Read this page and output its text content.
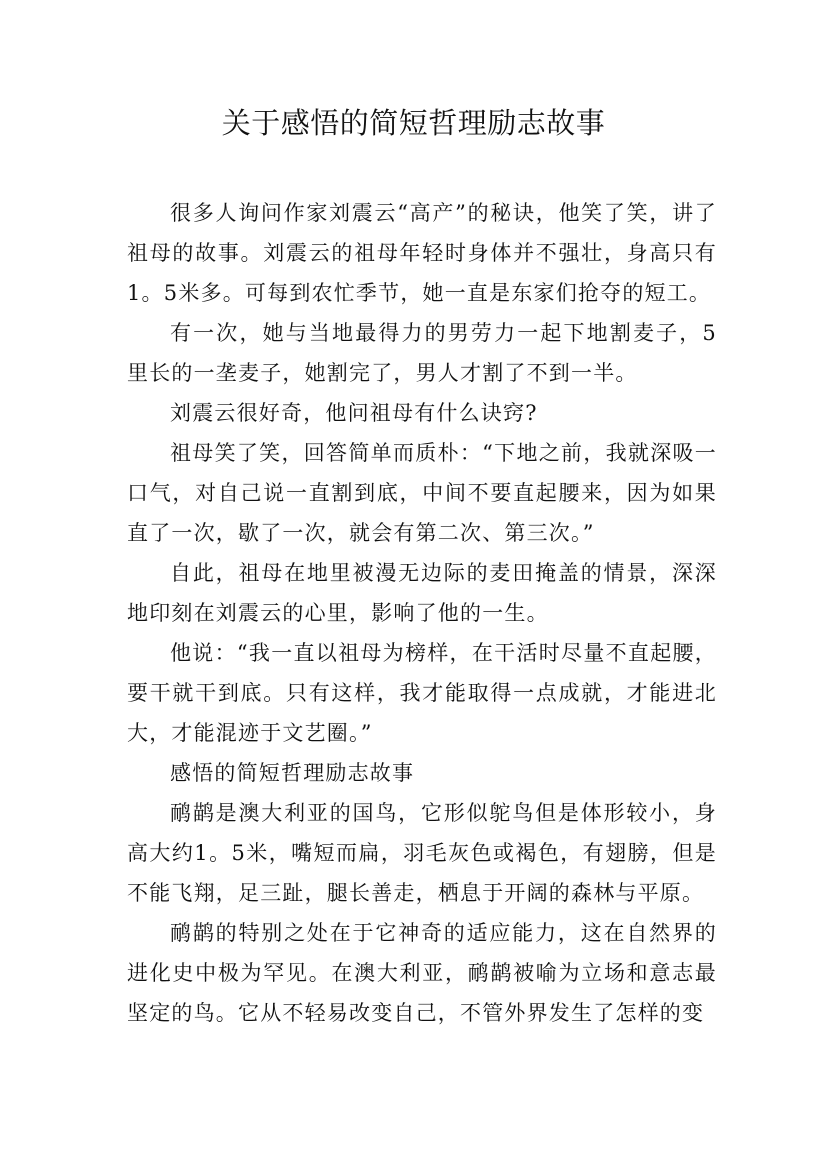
关于感悟的简短哲理励志故事

很多人询问作家刘震云“高产”的秘诀，他笑了笑，讲了祖母的故事。刘震云的祖母年轻时身体并不强壮，身高只有1。5米多。可每到农忙季节，她一直是东家们抢夺的短工。

有一次，她与当地最得力的男劳力一起下地割麦子，5里长的一垄麦子，她割完了，男人才割了不到一半。

刘震云很好奇，他问祖母有什么诀窍?

祖母笑了笑，回答简单而质朴：“下地之前，我就深吸一口气，对自己说一直割到底，中间不要直起腰来，因为如果直了一次，歇了一次，就会有第二次、第三次。”

自此，祖母在地里被漫无边际的麦田掩盖的情景，深深地印刻在刘震云的心里，影响了他的一生。

他说：“我一直以祖母为榜样，在干活时尽量不直起腰，要干就干到底。只有这样，我才能取得一点成就，才能进北大，才能混迹于文艺圈。”

感悟的简短哲理励志故事

鸸鹋是澳大利亚的国鸟，它形似鸵鸟但是体形较小，身高大约1。5米，嘴短而扁，羽毛灰色或褐色，有翅膀，但是不能飞翔，足三趾，腿长善走，栖息于开阔的森林与平原。

鸸鹋的特别之处在于它神奇的适应能力，这在自然界的进化史中极为罕见。在澳大利亚，鸸鹋被喻为立场和意志最坚定的鸟。它从不轻易改变自己，不管外界发生了怎样的变
